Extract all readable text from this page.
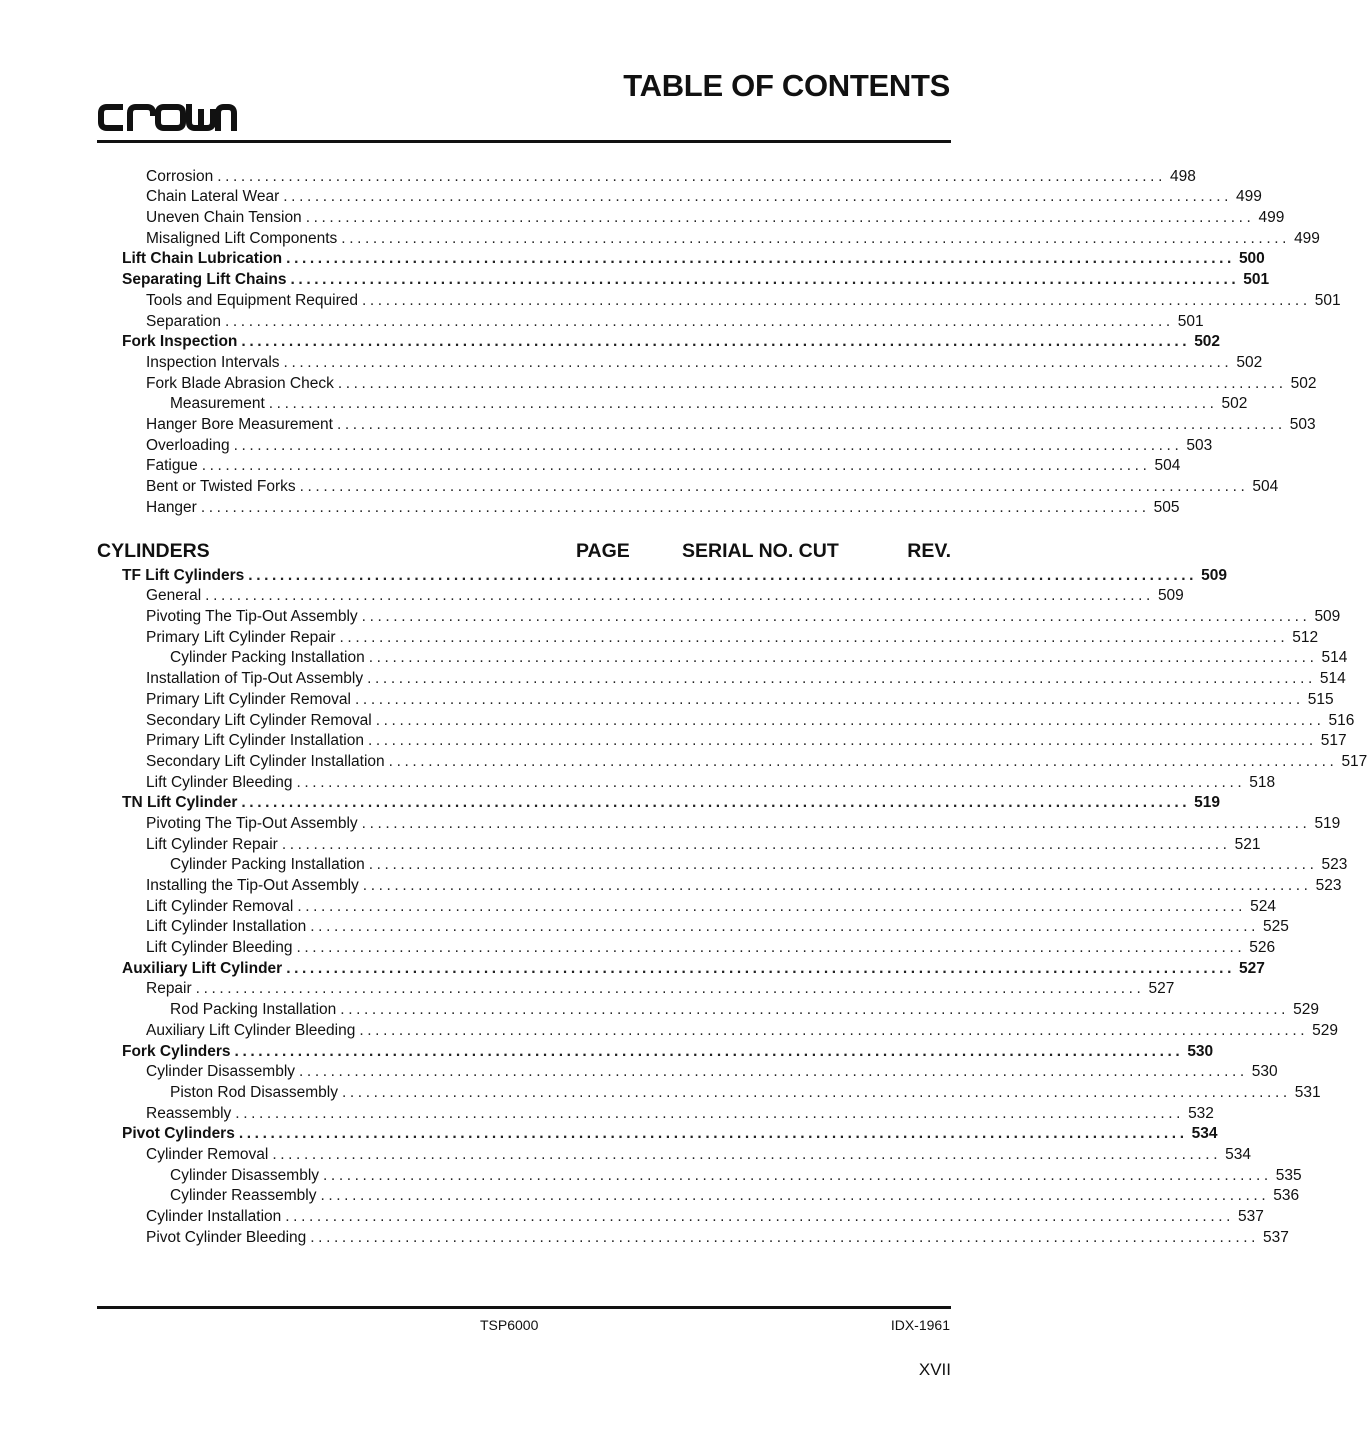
TABLE OF CONTENTS
Corrosion ........................................................................................................................ 498
Chain Lateral Wear ........................................................................................................................ 499
Uneven Chain Tension ........................................................................................................................ 499
Misaligned Lift Components ........................................................................................................................ 499
Lift Chain Lubrication ........................................................................................................................ 500
Separating Lift Chains ........................................................................................................................ 501
Tools and Equipment Required ........................................................................................................................ 501
Separation ........................................................................................................................ 501
Fork Inspection ........................................................................................................................ 502
Inspection Intervals ........................................................................................................................ 502
Fork Blade Abrasion Check ........................................................................................................................ 502
Measurement ........................................................................................................................ 502
Hanger Bore Measurement ........................................................................................................................ 503
Overloading ........................................................................................................................ 503
Fatigue ........................................................................................................................ 504
Bent or Twisted Forks ........................................................................................................................ 504
Hanger ........................................................................................................................ 505
CYLINDERS	PAGE	SERIAL NO. CUT	REV.
TF Lift Cylinders ........................................................................................................................ 509
General ........................................................................................................................ 509
Pivoting The Tip-Out Assembly ........................................................................................................................ 509
Primary Lift Cylinder Repair ........................................................................................................................ 512
Cylinder Packing Installation ........................................................................................................................ 514
Installation of Tip-Out Assembly ........................................................................................................................ 514
Primary Lift Cylinder Removal ........................................................................................................................ 515
Secondary Lift Cylinder Removal ........................................................................................................................ 516
Primary Lift Cylinder Installation ........................................................................................................................ 517
Secondary Lift Cylinder Installation ........................................................................................................................ 517
Lift Cylinder Bleeding ........................................................................................................................ 518
TN Lift Cylinder ........................................................................................................................ 519
Pivoting The Tip-Out Assembly ........................................................................................................................ 519
Lift Cylinder Repair ........................................................................................................................ 521
Cylinder Packing Installation ........................................................................................................................ 523
Installing the Tip-Out Assembly ........................................................................................................................ 523
Lift Cylinder Removal ........................................................................................................................ 524
Lift Cylinder Installation ........................................................................................................................ 525
Lift Cylinder Bleeding ........................................................................................................................ 526
Auxiliary Lift Cylinder ........................................................................................................................ 527
Repair ........................................................................................................................ 527
Rod Packing Installation ........................................................................................................................ 529
Auxiliary Lift Cylinder Bleeding ........................................................................................................................ 529
Fork Cylinders ........................................................................................................................ 530
Cylinder Disassembly ........................................................................................................................ 530
Piston Rod Disassembly ........................................................................................................................ 531
Reassembly ........................................................................................................................ 532
Pivot Cylinders ........................................................................................................................ 534
Cylinder Removal ........................................................................................................................ 534
Cylinder Disassembly ........................................................................................................................ 535
Cylinder Reassembly ........................................................................................................................ 536
Cylinder Installation ........................................................................................................................ 537
Pivot Cylinder Bleeding ........................................................................................................................ 537
TSP6000	IDX-1961
XVII
